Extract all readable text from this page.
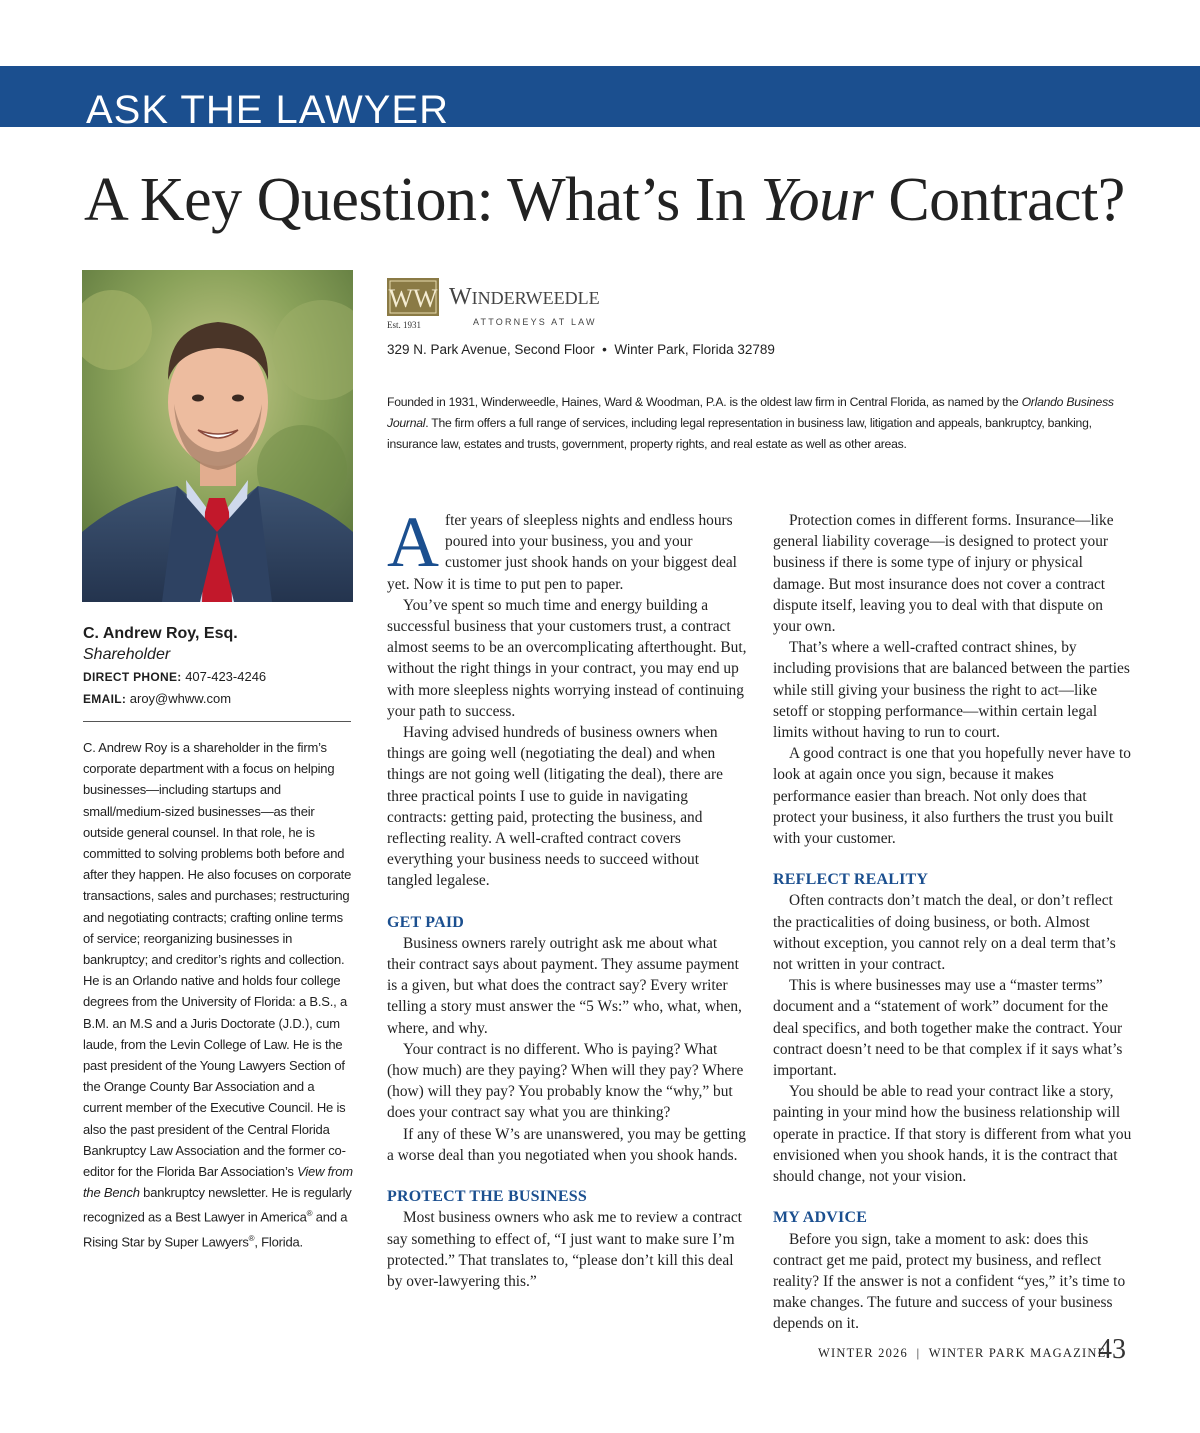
ASK THE LAWYER
A Key Question: What’s In Your Contract?
C. Andrew Roy, Esq.
Shareholder
DIRECT PHONE: 407-423-4246
EMAIL: aroy@whww.com
C. Andrew Roy is a shareholder in the firm’s corporate department with a focus on helping businesses—including startups and small/medium-sized businesses—as their outside general counsel. In that role, he is committed to solving problems both before and after they happen. He also focuses on corporate transactions, sales and purchases; restructuring and negotiating contracts; crafting online terms of service; reorganizing businesses in bankruptcy; and creditor’s rights and collection. He is an Orlando native and holds four college degrees from the University of Florida: a B.S., a B.M. an M.S and a Juris Doctorate (J.D.), cum laude, from the Levin College of Law. He is the past president of the Young Lawyers Section of the Orange County Bar Association and a current member of the Executive Council. He is also the past president of the Central Florida Bankruptcy Law Association and the former co-editor for the Florida Bar Association’s View from the Bench bankruptcy newsletter. He is regularly recognized as a Best Lawyer in America® and a Rising Star by Super Lawyers®, Florida.
WW
Est. 1931
WINDERWEEDLE
ATTORNEYS AT LAW
329 N. Park Avenue, Second Floor  •  Winter Park, Florida 32789
Founded in 1931, Winderweedle, Haines, Ward & Woodman, P.A. is the oldest law firm in Central Florida, as named by the Orlando Business Journal. The firm offers a full range of services, including legal representation in business law, litigation and appeals, bankruptcy, banking, insurance law, estates and trusts, government, property rights, and real estate as well as other areas.

After years of sleepless nights and endless hours poured into your business, you and your customer just shook hands on your biggest deal yet. Now it is time to put pen to paper.

You’ve spent so much time and energy building a successful business that your customers trust, a contract almost seems to be an overcomplicating afterthought. But, without the right things in your contract, you may end up with more sleepless nights worrying instead of continuing your path to success.

Having advised hundreds of business owners when things are going well (negotiating the deal) and when things are not going well (litigating the deal), there are three practical points I use to guide in navigating contracts: getting paid, protecting the business, and reflecting reality. A well-crafted contract covers everything your business needs to succeed without tangled legalese.

GET PAID

Business owners rarely outright ask me about what their contract says about payment. They assume payment is a given, but what does the contract say? Every writer telling a story must answer the “5 Ws:” who, what, when, where, and why.

Your contract is no different. Who is paying? What (how much) are they paying? When will they pay? Where (how) will they pay? You probably know the “why,” but does your contract say what you are thinking?

If any of these W’s are unanswered, you may be getting a worse deal than you negotiated when you shook hands.

PROTECT THE BUSINESS

Most business owners who ask me to review a contract say something to effect of, “I just want to make sure I’m protected.” That translates to, “please don’t kill this deal by over-lawyering this.”

Protection comes in different forms. Insurance—like general liability coverage—is designed to protect your business if there is some type of injury or physical damage. But most insurance does not cover a contract dispute itself, leaving you to deal with that dispute on your own.

That’s where a well-crafted contract shines, by including provisions that are balanced between the parties while still giving your business the right to act—like setoff or stopping performance—within certain legal limits without having to run to court.

A good contract is one that you hopefully never have to look at again once you sign, because it makes performance easier than breach. Not only does that protect your business, it also furthers the trust you built with your customer.

REFLECT REALITY

Often contracts don’t match the deal, or don’t reflect the practicalities of doing business, or both. Almost without exception, you cannot rely on a deal term that’s not written in your contract.

This is where businesses may use a “master terms” document and a “statement of work” document for the deal specifics, and both together make the contract. Your contract doesn’t need to be that complex if it says what’s important.

You should be able to read your contract like a story, painting in your mind how the business relationship will operate in practice. If that story is different from what you envisioned when you shook hands, it is the contract that should change, not your vision.

MY ADVICE

Before you sign, take a moment to ask: does this contract get me paid, protect my business, and reflect reality? If the answer is not a confident “yes,” it’s time to make changes. The future and success of your business depends on it.

WINTER 2026  |  WINTER PARK MAGAZINE
43
